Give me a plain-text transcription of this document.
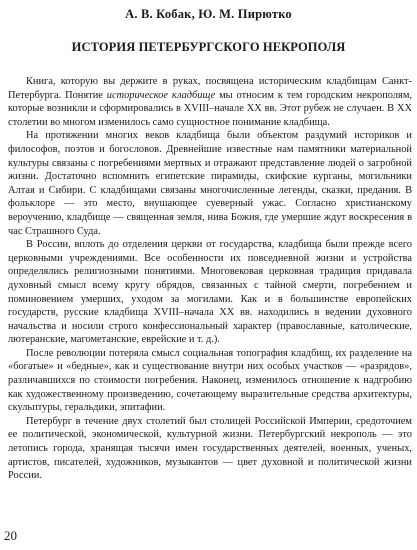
А. В. Кобак, Ю. М. Пирютко
ИСТОРИЯ ПЕТЕРБУРГСКОГО НЕКРОПОЛЯ

Книга, которую вы держите в руках, посвящена историческим кладбищам Санкт-Петербурга. Понятие историческое кладбище мы относим к тем городским некрополям, которые возникли и сформировались в XVIII–начале XX вв. Этот рубеж не случаен. В XX столетии во многом изменилось само сущностное понимание кладбища.

На протяжении многих веков кладбища были объектом раздумий историков и философов, поэтов и богословов. Древнейшие известные нам памятники материальной культуры связаны с погребениями мертвых и отражают представление людей о загробной жизни. Достаточно вспомнить египетские пирамиды, скифские курганы, могильники Алтая и Сибири. С кладбищами связаны многочисленные легенды, сказки, предания. В фольклоре — это место, внушающее суеверный ужас. Согласно христианскому вероучению, кладбище — священная земля, нива Божия, где умершие ждут воскресения в час Страшного Суда.

В России, вплоть до отделения церкви от государства, кладбища были прежде всего церковными учреждениями. Все особенности их повседневной жизни и устройства определялись религиозными понятиями. Многовековая церковная традиция придавала духовный смысл всему кругу обрядов, связанных с тайной смерти, погребением и поминовением умерших, уходом за могилами. Как и в большинстве европейских государств, русские кладбища XVIII–начала XX вв. находились в ведении духовного начальства и носили строго конфессиональный характер (православные, католические, лютеранские, магометанские, еврейские и т. д.).

После революции потеряла смысл социальная топография кладбищ, их разделение на «богатые» и «бедные», как и существование внутри них особых участков — «разрядов», различавшихся по стоимости погребения. Наконец, изменилось отношение к надгробию как художественному произведению, сочетающему выразительные средства архитектуры, скульптуры, геральдики, эпитафии.

Петербург в течение двух столетий был столицей Российской Империи, средоточием ее политической, экономической, культурной жизни. Петербургский некрополь — это летопись города, хранящая тысячи имен государственных деятелей, военных, ученых, артистов, писателей, художников, музыкантов — цвет духовной и политической жизни России.

20
